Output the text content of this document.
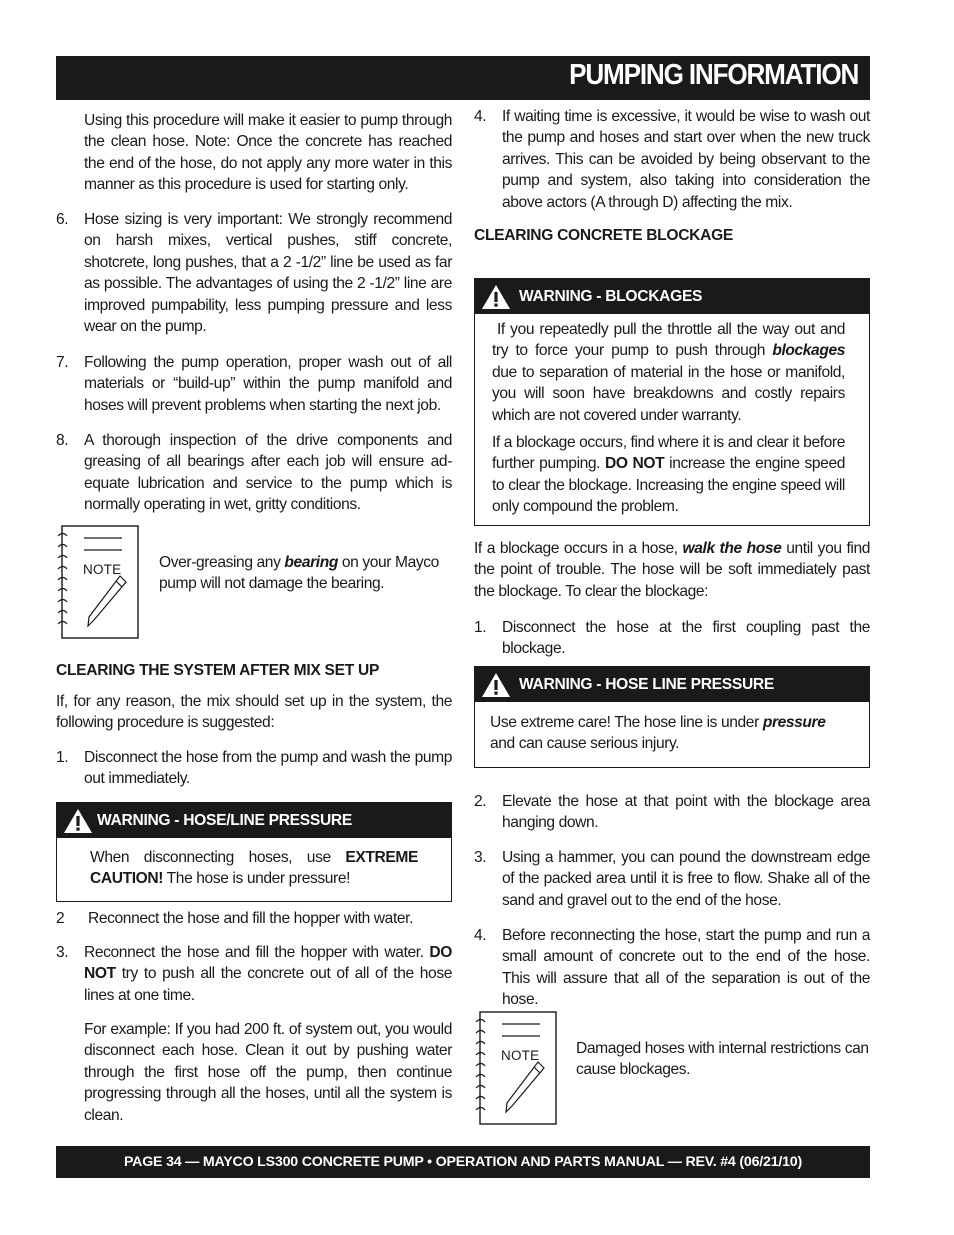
PUMPING INFORMATION

Using this procedure will make it easier to pump through the clean hose. Note: Once the concrete has reached the end of the hose, do not apply any more water in this manner as this procedure is used for starting only.

6. Hose sizing is very important: We strongly recommend on harsh mixes, vertical pushes, stiff concrete, shotcrete, long pushes, that a 2 -1/2” line be used as far as possible. The advantages of using the 2 -1/2” line are improved pumpability, less pumping pressure and less wear on the pump.
7. Following the pump operation, proper wash out of all materials or “build-up” within the pump manifold and hoses will prevent problems when starting the next job.
8. A thorough inspection of the drive components and greasing of all bearings after each job will ensure ad-equate lubrication and service to the pump which is normally operating in wet, gritty conditions.
NOTE Over-greasing any bearing on your Mayco pump will not damage the bearing.

CLEARING THE SYSTEM AFTER MIX SET UP

If, for any reason, the mix should set up in the system, the following procedure is suggested:

1. Disconnect the hose from the pump and wash the pump out immediately.
WARNING - HOSE/LINE PRESSURE

When disconnecting hoses, use EXTREME CAUTION! The hose is under pressure!

2 Reconnect the hose and fill the hopper with water.
3. Reconnect the hose and fill the hopper with water. DO NOT try to push all the concrete out of all of the hose lines at one time.

For example: If you had 200 ft. of system out, you would disconnect each hose. Clean it out by pushing water through the first hose off the pump, then continue progressing through all the hoses, until all the system is clean.

4. If waiting time is excessive, it would be wise to wash out the pump and hoses and start over when the new truck arrives. This can be avoided by being observant to the pump and system, also taking into consideration the above actors (A through D) affecting the mix.
CLEARING CONCRETE BLOCKAGE
WARNING - BLOCKAGES

If you repeatedly pull the throttle all the way out and try to force your pump to push through blockages due to separation of material in the hose or manifold, you will soon have breakdowns and costly repairs which are not covered under warranty.

If a blockage occurs, find where it is and clear it before further pumping. DO NOT increase the engine speed to clear the blockage. Increasing the engine speed will only compound the problem.

If a blockage occurs in a hose, walk the hose until you find the point of trouble. The hose will be soft immediately past the blockage. To clear the blockage:

1. Disconnect the hose at the first coupling past the blockage.
WARNING - HOSE LINE PRESSURE

Use extreme care! The hose line is under pressure and can cause serious injury.

2. Elevate the hose at that point with the blockage area hanging down.
3. Using a hammer, you can pound the downstream edge of the packed area until it is free to flow. Shake all of the sand and gravel out to the end of the hose.
4. Before reconnecting the hose, start the pump and run a small amount of concrete out to the end of the hose. This will assure that all of the separation is out of the hose.
NOTE Damaged hoses with internal restrictions can cause blockages.

PAGE 34 — MAYCO LS300 CONCRETE PUMP • OPERATION AND PARTS MANUAL — REV. #4 (06/21/10)
